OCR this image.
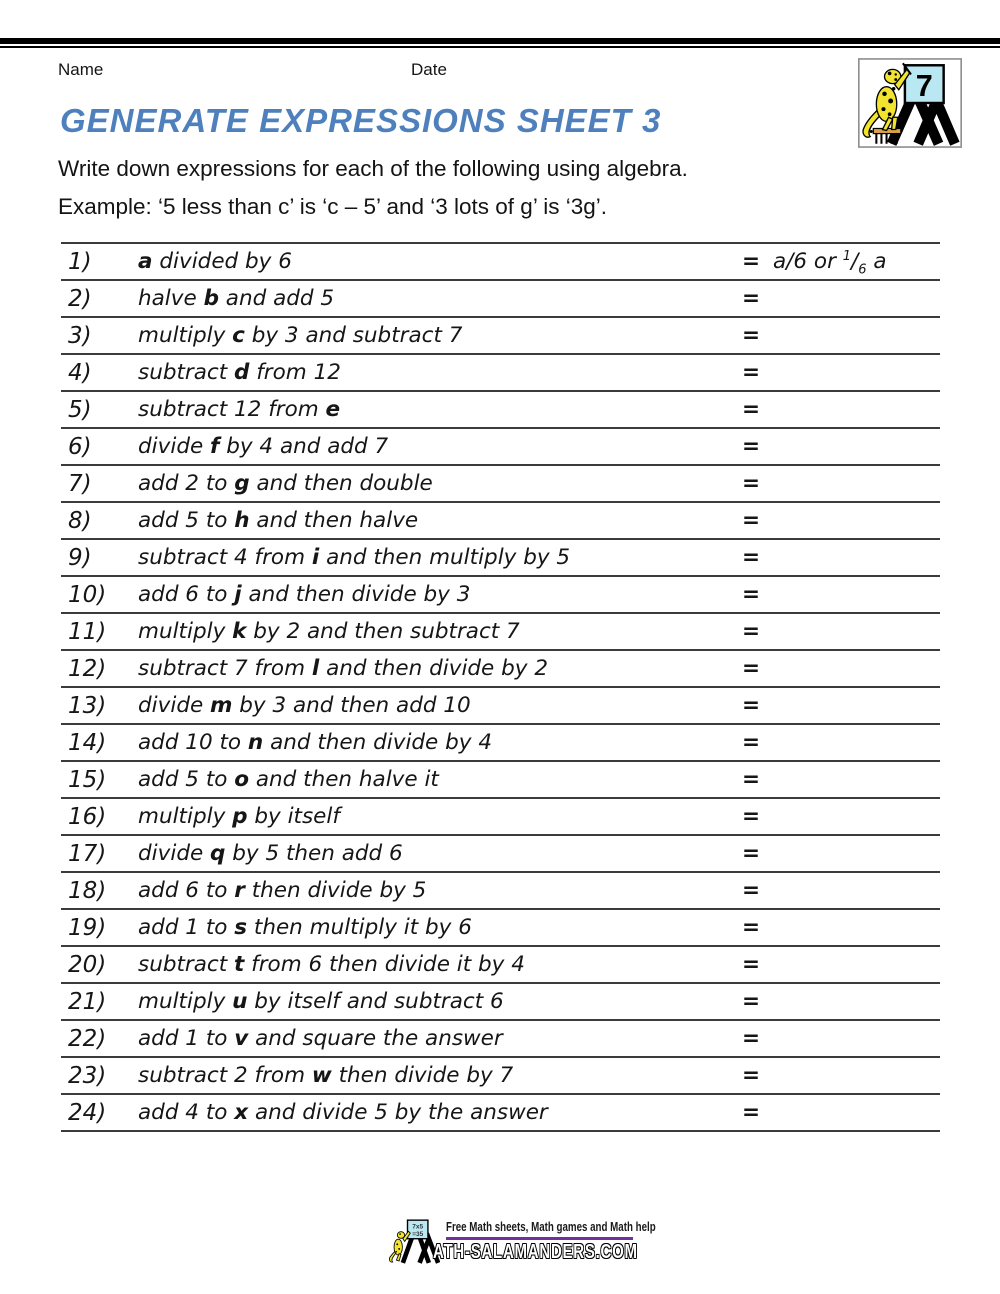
Name	Date	7
GENERATE EXPRESSIONS SHEET 3

Write down expressions for each of the following using algebra.

Example: ‘5 less than c’ is ‘c – 5’ and ‘3 lots of g’ is ‘3g’.

1)	a divided by 6	= a/6 or $^1/_6$ a
2)	halve b and add 5	=
3)	multiply c by 3 and subtract 7	=
4)	subtract d from 12	=
5)	subtract 12 from e	=
6)	divide f by 4 and add 7	=
7)	add 2 to g and then double	=
8)	add 5 to h and then halve	=
9)	subtract 4 from i and then multiply by 5	=
10)	add 6 to j and then divide by 3	=
11)	multiply k by 2 and then subtract 7	=
12)	subtract 7 from l and then divide by 2	=
13)	divide m by 3 and then add 10	=
14)	add 10 to n and then divide by 4	=
15)	add 5 to o and then halve it	=
16)	multiply p by itself	=
17)	divide q by 5 then add 6	=
18)	add 6 to r then divide by 5	=
19)	add 1 to s then multiply it by 6	=
20)	subtract t from 6 then divide it by 4	=
21)	multiply u by itself and subtract 6	=
22)	add 1 to v and square the answer	=
23)	subtract 2 from w then divide by 7	=
24)	add 4 to x and divide 5 by the answer	=
7x5
=35
Free Math sheets, Math games and Math help
ATH-SALAMANDERS.COM
